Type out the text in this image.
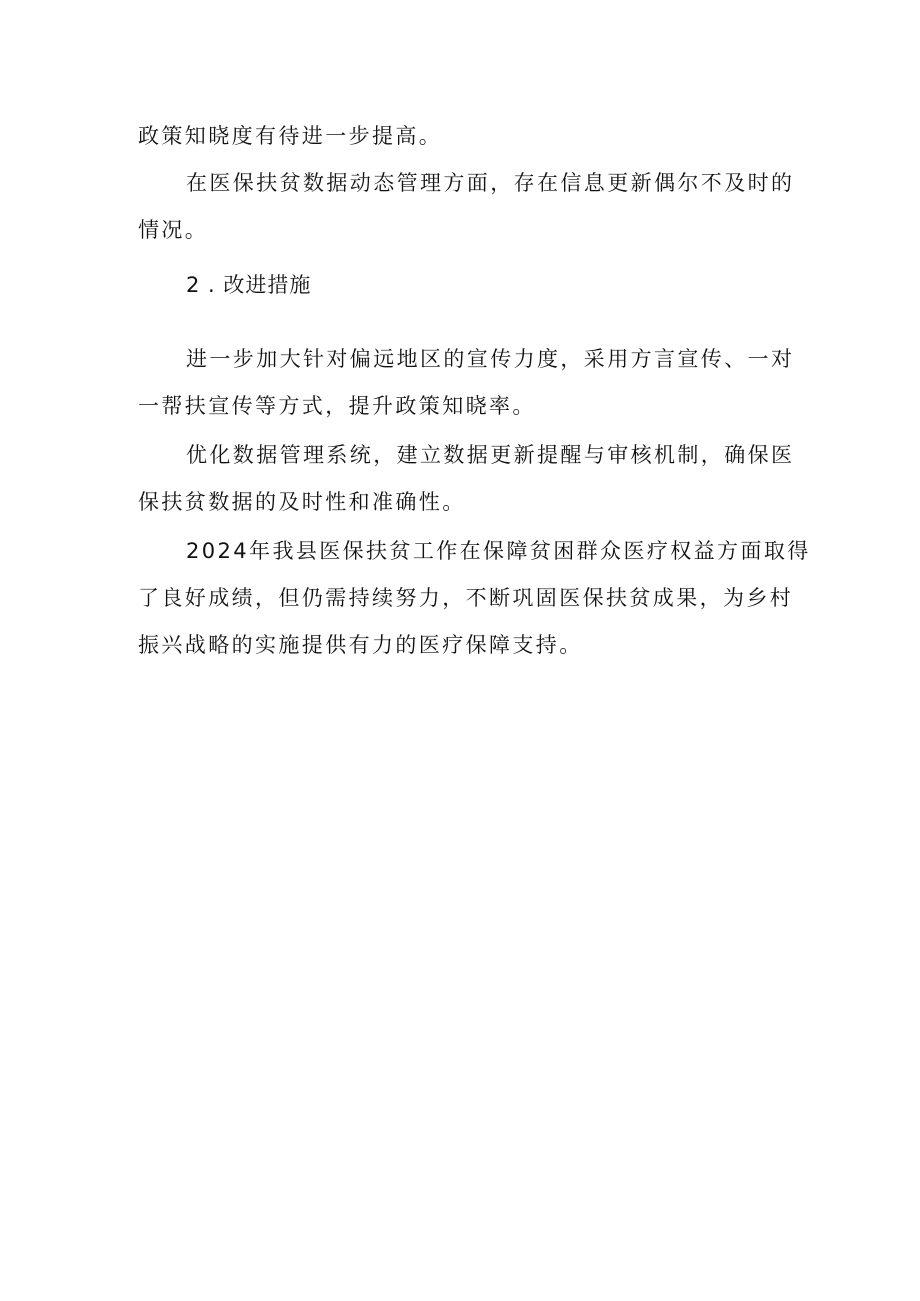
政策知晓度有待进一步提高。
在医保扶贫数据动态管理方面，存在信息更新偶尔不及时的
情况。
2 . 改进措施
进一步加大针对偏远地区的宣传力度，采用方言宣传、一对
一帮扶宣传等方式，提升政策知晓率。
优化数据管理系统，建立数据更新提醒与审核机制，确保医
保扶贫数据的及时性和准确性。
2024年我县医保扶贫工作在保障贫困群众医疗权益方面取得
了良好成绩，但仍需持续努力，不断巩固医保扶贫成果，为乡村
振兴战略的实施提供有力的医疗保障支持。
